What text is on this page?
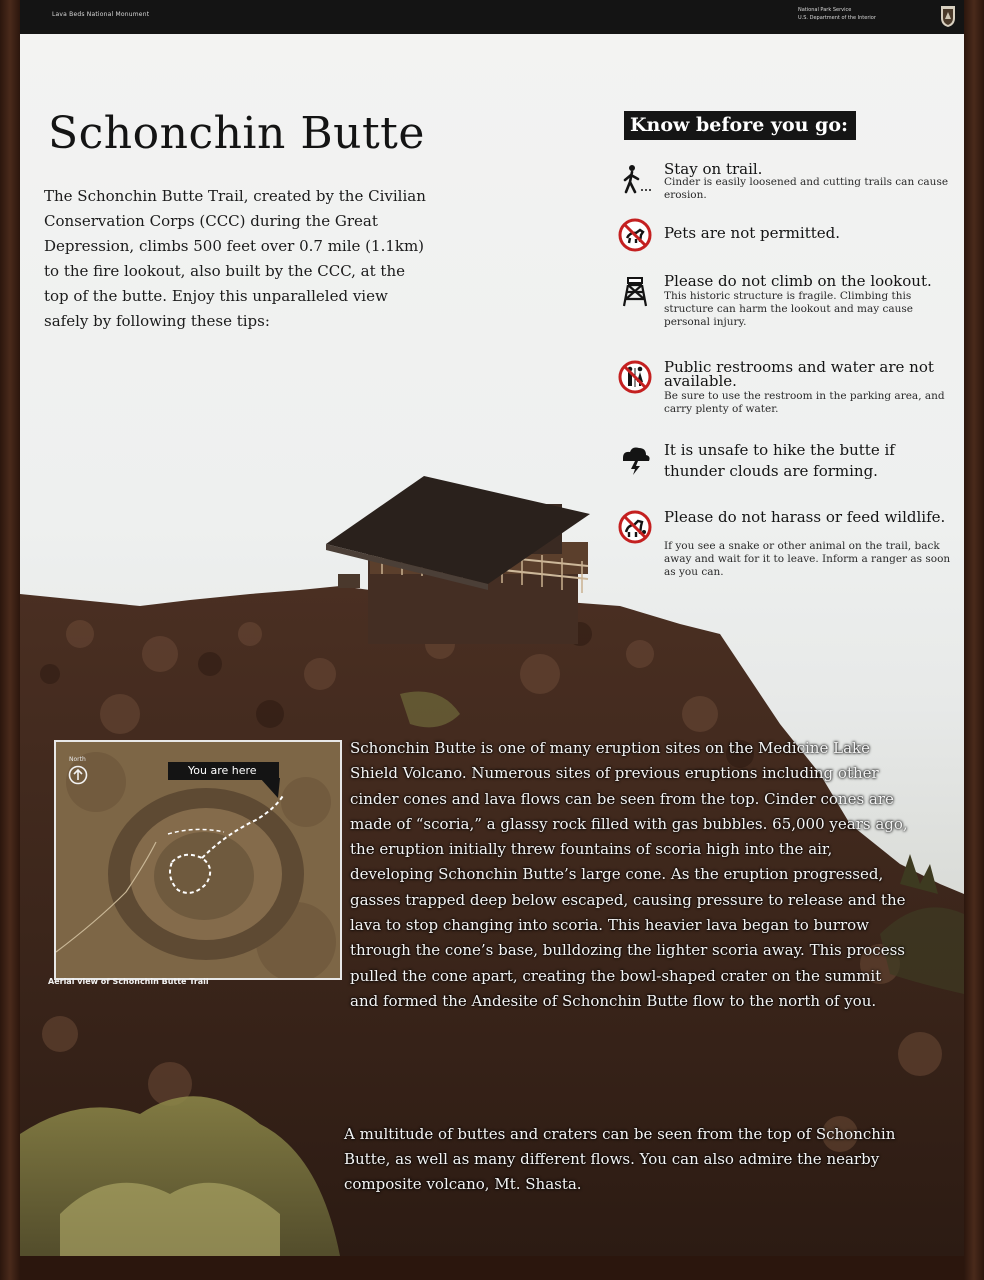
Lava Beds National Monument
National Park Service
U.S. Department of the Interior
Schonchin Butte

The Schonchin Butte Trail, created by the Civilian Conservation Corps (CCC) during the Great Depression, climbs 500 feet over 0.7 mile (1.1km) to the fire lookout, also built by the CCC, at the top of the butte. Enjoy this unparalleled view safely by following these tips:

Know before you go:
Stay on trail.
Cinder is easily loosened and cutting trails can cause erosion.
Pets are not permitted.
Please do not climb on the lookout.
This historic structure is fragile. Climbing this structure can harm the lookout and may cause personal injury.
Public restrooms and water are not available.
Be sure to use the restroom in the parking area, and carry plenty of water.
It is unsafe to hike the butte if thunder clouds are forming.
Please do not harass or feed wildlife.
If you see a snake or other animal on the trail, back away and wait for it to leave. Inform a ranger as soon as you can.
North
You are here
Aerial view of Schonchin Butte Trail

Schonchin Butte is one of many eruption sites on the Medicine Lake Shield Volcano. Numerous sites of previous eruptions including other cinder cones and lava flows can be seen from the top. Cinder cones are made of “scoria,” a glassy rock filled with gas bubbles. 65,000 years ago, the eruption initially threw fountains of scoria high into the air, developing Schonchin Butte’s large cone. As the eruption progressed, gasses trapped deep below escaped, causing pressure to release and the lava to stop changing into scoria. This heavier lava began to burrow through the cone’s base, bulldozing the lighter scoria away. This process pulled the cone apart, creating the bowl-shaped crater on the summit and formed the Andesite of Schonchin Butte flow to the north of you.

A multitude of buttes and craters can be seen from the top of Schonchin Butte, as well as many different flows. You can also admire the nearby composite volcano, Mt. Shasta.
